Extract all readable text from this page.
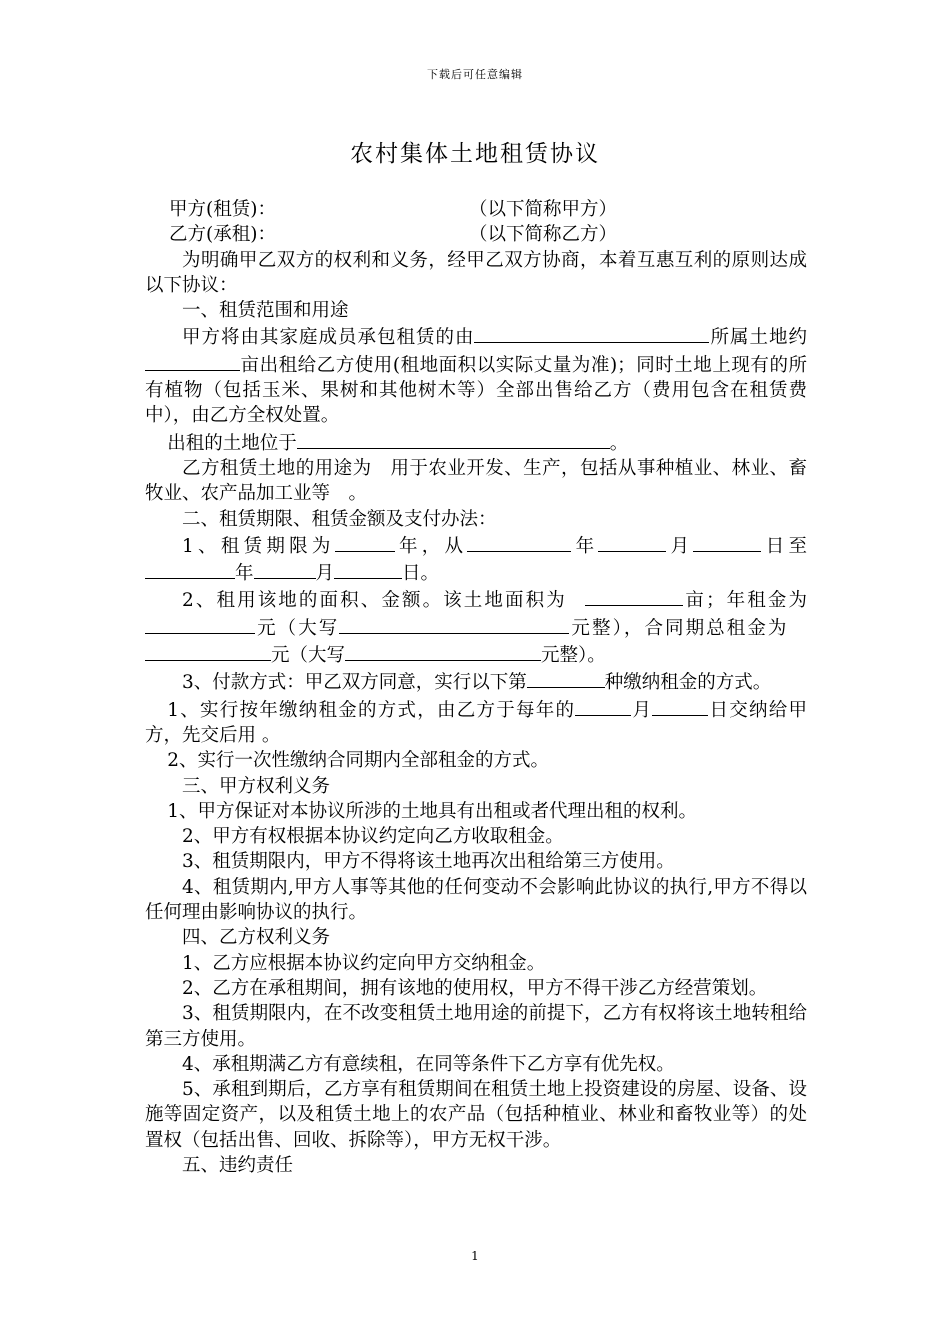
下载后可任意编辑
农村集体土地租赁协议

甲方(租赁)：	（以下简称甲方）

乙方(承租)：	（以下简称乙方）

为明确甲乙双方的权利和义务，经甲乙双方协商，本着互惠互利的原则达成以下协议：

一、租赁范围和用途

甲方将由其家庭成员承包租赁的由	所属土地约亩出租给乙方使用(租地面积以实际丈量为准)；同时土地上现有的所有植物（包括玉米、果树和其他树木等）全部出售给乙方（费用包含在租赁费中），由乙方全权处置。

出租的土地位于	。

乙方租赁土地的用途为　用于农业开发、生产，包括从事种植业、林业、畜牧业、农产品加工业等　。

二、租赁期限、租赁金额及支付办法：

1、租赁期限为	年，从	年	月	日至年	月	日。

2、租用该地的面积、金额。该土地面积为 	亩；年租金为元（大写	元整），合同期总租金为 元（大写	元整）。

3、付款方式：甲乙双方同意，实行以下第	种缴纳租金的方式。

1、实行按年缴纳租金的方式，由乙方于每年的	月	日交纳给甲方，先交后用 。

2、实行一次性缴纳合同期内全部租金的方式。

三、甲方权利义务

1、甲方保证对本协议所涉的土地具有出租或者代理出租的权利。

2、甲方有权根据本协议约定向乙方收取租金。

3、租赁期限内，甲方不得将该土地再次出租给第三方使用。

4、租赁期内,甲方人事等其他的任何变动不会影响此协议的执行,甲方不得以任何理由影响协议的执行。

四、乙方权利义务

1、乙方应根据本协议约定向甲方交纳租金。

2、乙方在承租期间，拥有该地的使用权，甲方不得干涉乙方经营策划。

3、租赁期限内，在不改变租赁土地用途的前提下，乙方有权将该土地转租给第三方使用。

4、承租期满乙方有意续租，在同等条件下乙方享有优先权。

5、承租到期后，乙方享有租赁期间在租赁土地上投资建设的房屋、设备、设施等固定资产，以及租赁土地上的农产品（包括种植业、林业和畜牧业等）的处置权（包括出售、回收、拆除等），甲方无权干涉。

五、违约责任

1
